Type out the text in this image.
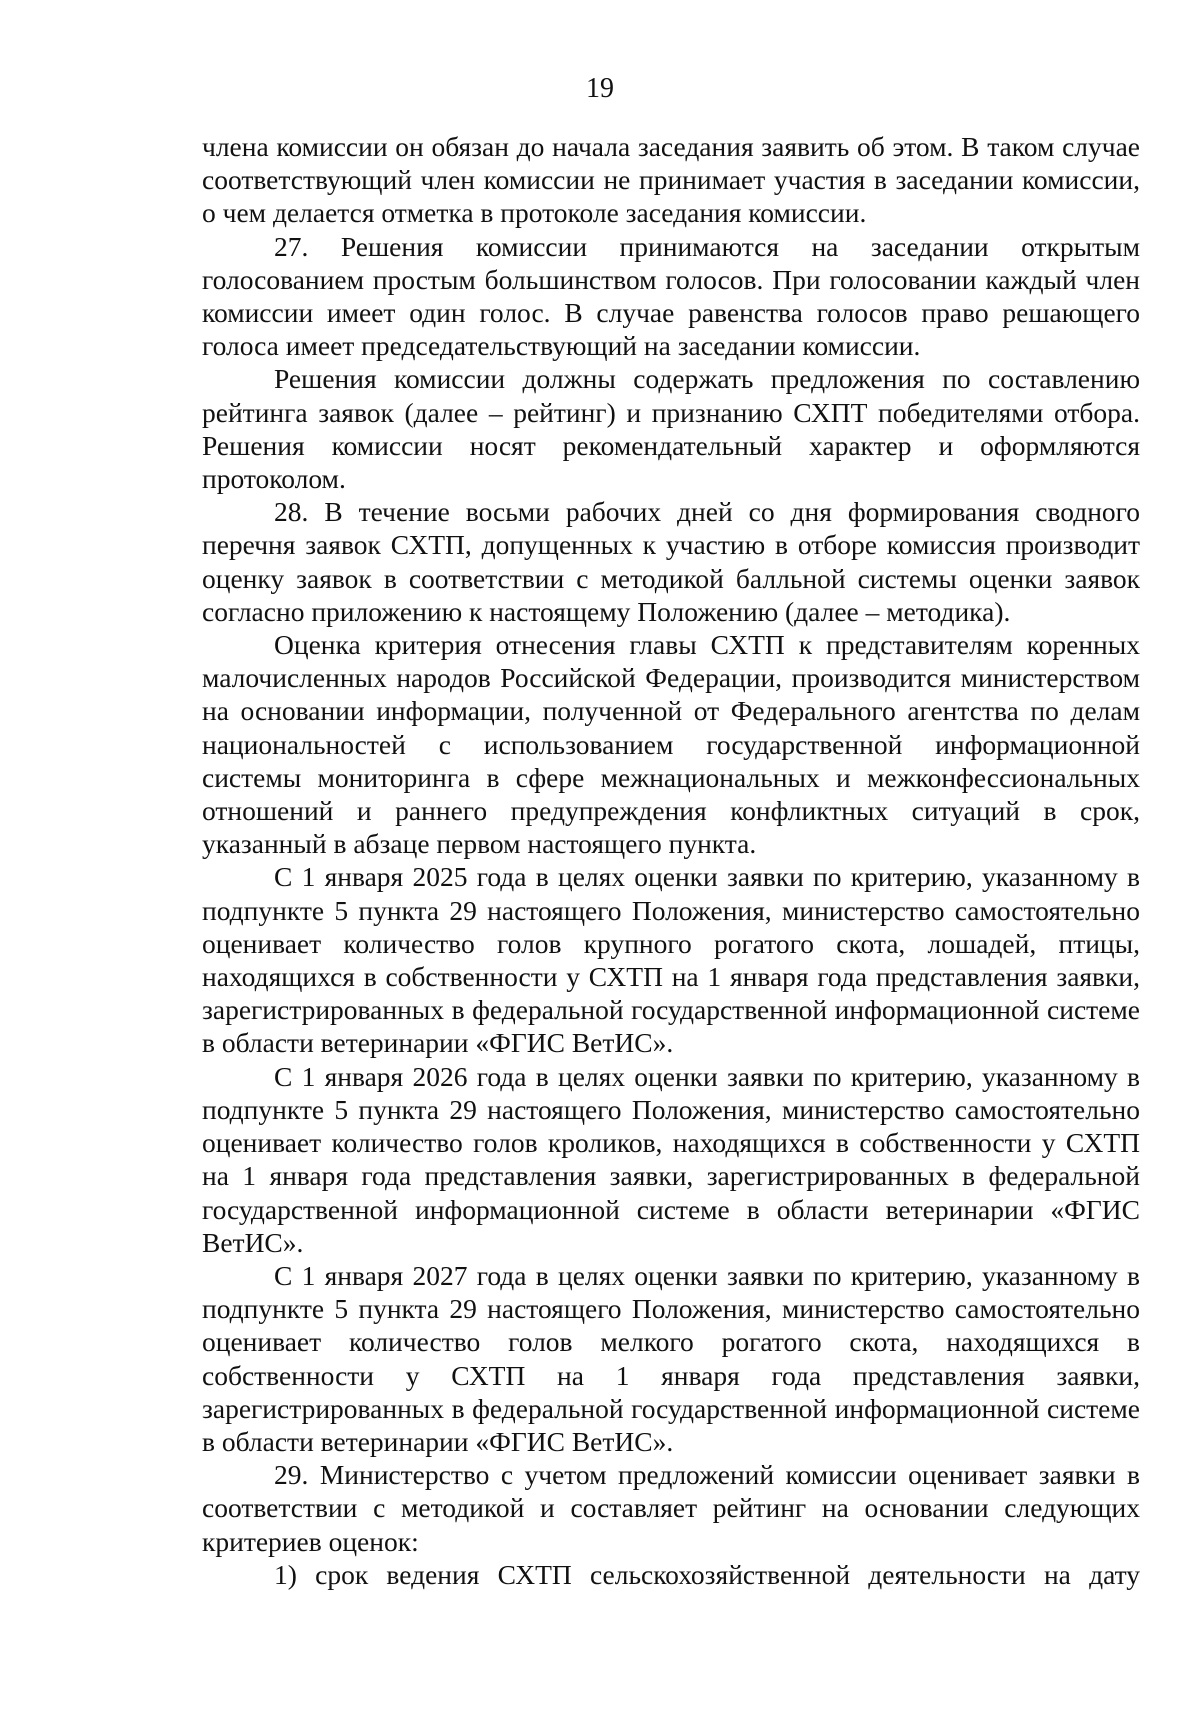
19

члена комиссии он обязан до начала заседания заявить об этом. В таком случае соответствующий член комиссии не принимает участия в заседании комиссии, о чем делается отметка в протоколе заседания комиссии.

27. Решения комиссии принимаются на заседании открытым голосованием простым большинством голосов. При голосовании каждый член комиссии имеет один голос. В случае равенства голосов право решающего голоса имеет председательствующий на заседании комиссии.

Решения комиссии должны содержать предложения по составлению рейтинга заявок (далее – рейтинг) и признанию СХПТ победителями отбора. Решения комиссии носят рекомендательный характер и оформляются протоколом.

28. В течение восьми рабочих дней со дня формирования сводного перечня заявок СХТП, допущенных к участию в отборе комиссия производит оценку заявок в соответствии с методикой балльной системы оценки заявок согласно приложению к настоящему Положению (далее – методика).

Оценка критерия отнесения главы СХТП к представителям коренных малочисленных народов Российской Федерации, производится министерством на основании информации, полученной от Федерального агентства по делам национальностей с использованием государственной информационной системы мониторинга в сфере межнациональных и межконфессиональных отношений и раннего предупреждения конфликтных ситуаций в срок, указанный в абзаце первом настоящего пункта.

С 1 января 2025 года в целях оценки заявки по критерию, указанному в подпункте 5 пункта 29 настоящего Положения, министерство самостоятельно оценивает количество голов крупного рогатого скота, лошадей, птицы, находящихся в собственности у СХТП на 1 января года представления заявки, зарегистрированных в федеральной государственной информационной системе в области ветеринарии «ФГИС ВетИС».

С 1 января 2026 года в целях оценки заявки по критерию, указанному в подпункте 5 пункта 29 настоящего Положения, министерство самостоятельно оценивает количество голов кроликов, находящихся в собственности у СХТП на 1 января года представления заявки, зарегистрированных в федеральной государственной информационной системе в области ветеринарии «ФГИС ВетИС».

С 1 января 2027 года в целях оценки заявки по критерию, указанному в подпункте 5 пункта 29 настоящего Положения, министерство самостоятельно оценивает количество голов мелкого рогатого скота, находящихся в собственности у СХТП на 1 января года представления заявки, зарегистрированных в федеральной государственной информационной системе в области ветеринарии «ФГИС ВетИС».

29. Министерство с учетом предложений комиссии оценивает заявки в соответствии с методикой и составляет рейтинг на основании следующих критериев оценок:

1) срок ведения СХТП сельскохозяйственной деятельности на дату
